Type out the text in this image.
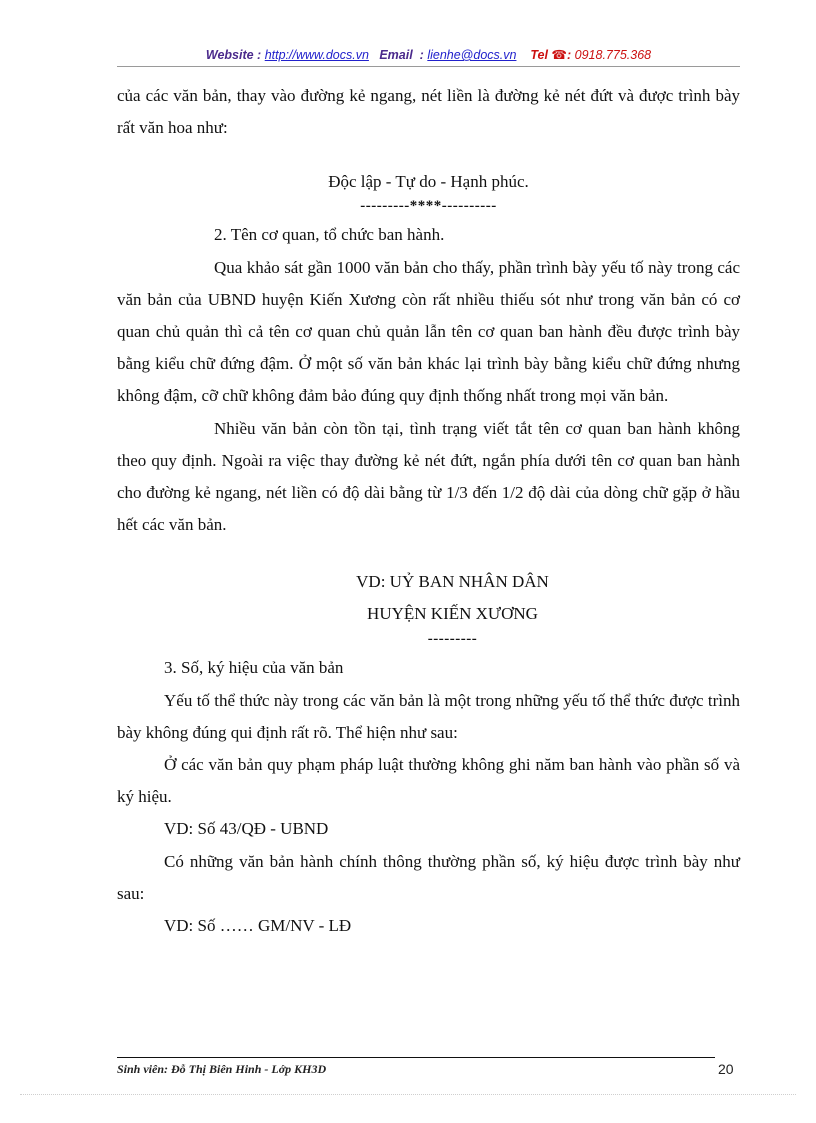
Website : http://www.docs.vn Email : lienhe@docs.vn Tel ☎: 0918.775.368

của các văn bản, thay vào đường kẻ ngang, nét liền là đường kẻ nét đứt và được trình bày rất văn hoa như:

Độc lập - Tự do - Hạnh phúc.

---------****----------

2. Tên cơ quan, tổ chức ban hành.

Qua khảo sát gần 1000 văn bản cho thấy, phần trình bày yếu tố này trong các văn bản của UBND huyện Kiến Xương còn rất nhiều thiếu sót như trong văn bản có cơ quan chủ quản thì cả tên cơ quan chủ quản lẫn tên cơ quan ban hành đều được trình bày bằng kiểu chữ đứng đậm. Ở một số văn bản khác lại trình bày bằng kiểu chữ đứng nhưng không đậm, cỡ chữ không đảm bảo đúng quy định thống nhất trong mọi văn bản.

Nhiều văn bản còn tồn tại, tình trạng viết tắt tên cơ quan ban hành không theo quy định. Ngoài ra việc thay đường kẻ nét đứt, ngắn phía dưới tên cơ quan ban hành cho đường kẻ ngang, nét liền có độ dài bằng từ 1/3 đến 1/2 độ dài của dòng chữ gặp ở hầu hết các văn bản.

VD: UỶ BAN NHÂN DÂN

HUYỆN KIẾN XƯƠNG

---------

3. Số, ký hiệu của văn bản

Yếu tố thể thức này trong các văn bản là một trong những yếu tố thể thức được trình bày không đúng qui định rất rõ. Thể hiện như sau:

Ở các văn bản quy phạm pháp luật thường không ghi năm ban hành vào phần số và ký hiệu.

VD: Số 43/QĐ - UBND

Có những văn bản hành chính thông thường phần số, ký hiệu được trình bày như sau:

VD: Số …… GM/NV - LĐ

Sinh viên: Đỗ Thị Biên Hinh - Lớp KH3D	20
